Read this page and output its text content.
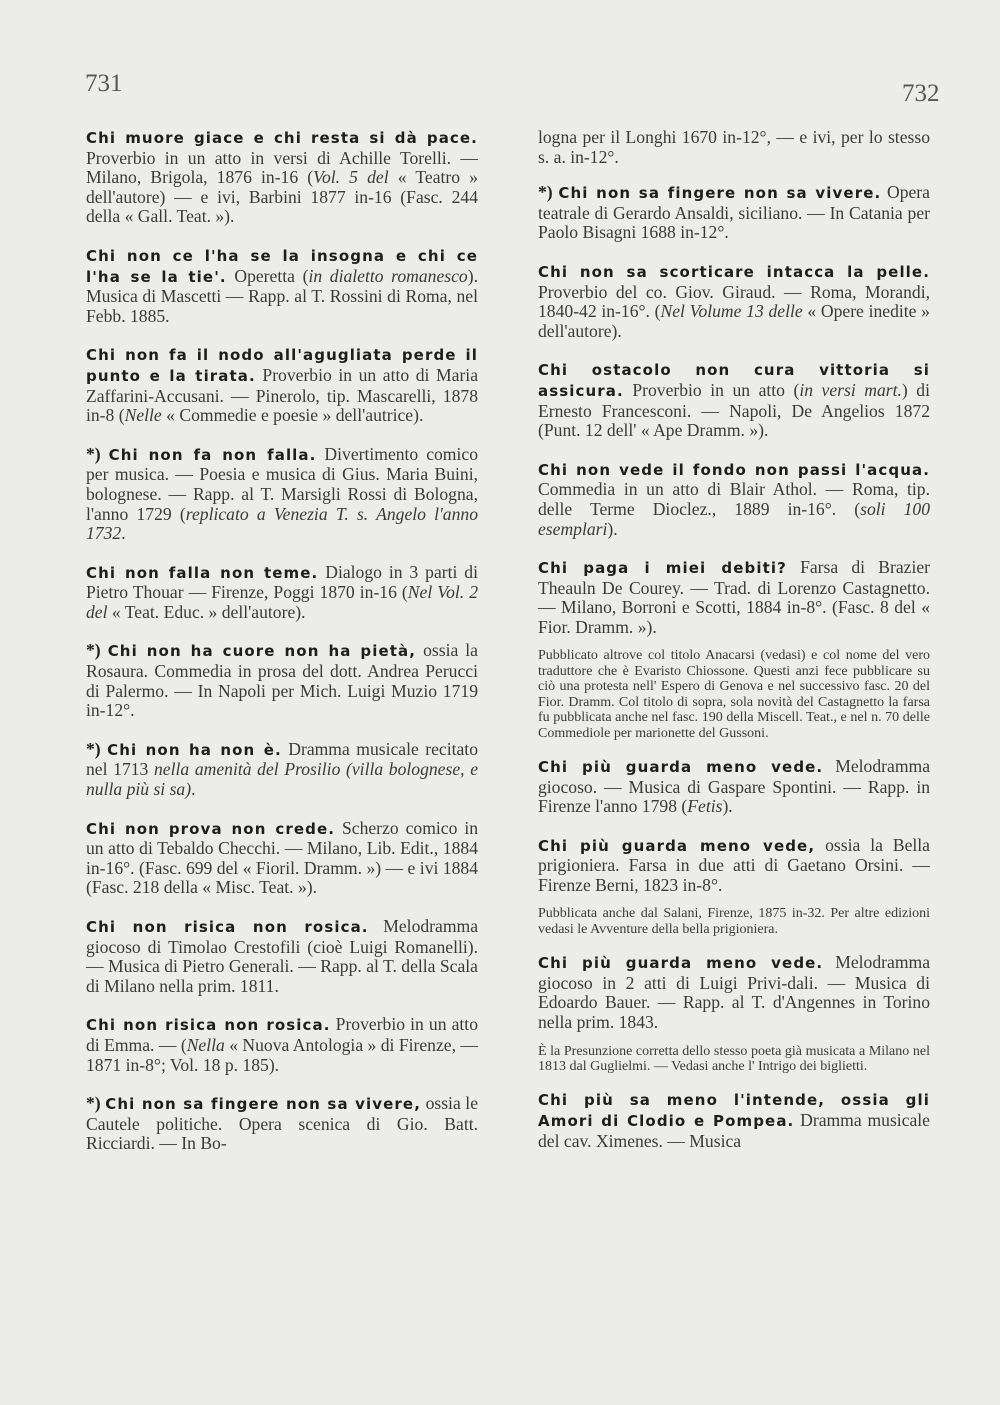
731	732
Chi muore giace e chi resta si dà pace. Proverbio in un atto in versi di Achille Torelli. — Milano, Brigola, 1876 in-16 (Vol. 5 del « Teatro » dell'autore) — e ivi, Barbini 1877 in-16 (Fasc. 244 della « Gall. Teat. »).
Chi non ce l'ha se la insogna e chi ce l'ha se la tie'. Operetta (in dialetto romanesco). Musica di Mascetti — Rapp. al T. Rossini di Roma, nel Febb. 1885.
Chi non fa il nodo all'agugliata perde il punto e la tirata. Proverbio in un atto di Maria Zaffarini-Accusani. — Pinerolo, tip. Mascarelli, 1878 in-8 (Nelle « Commedie e poesie » dell'autrice).
*) Chi non fa non falla. Divertimento comico per musica. — Poesia e musica di Gius. Maria Buini, bolognese. — Rapp. al T. Marsigli Rossi di Bologna, l'anno 1729 (replicato a Venezia T. s. Angelo l'anno 1732.
Chi non falla non teme. Dialogo in 3 parti di Pietro Thouar — Firenze, Poggi 1870 in-16 (Nel Vol. 2 del « Teat. Educ. » dell'autore).
*) Chi non ha cuore non ha pietà, ossia la Rosaura. Commedia in prosa del dott. Andrea Perucci di Palermo. — In Napoli per Mich. Luigi Muzio 1719 in-12°.
*) Chi non ha non è. Dramma musicale recitato nel 1713 nella amenità del Prosilio (villa bolognese, e nulla più si sa).
Chi non prova non crede. Scherzo comico in un atto di Tebaldo Checchi. — Milano, Lib. Edit., 1884 in-16°. (Fasc. 699 del « Fioril. Dramm. ») — e ivi 1884 (Fasc. 218 della « Misc. Teat. »).
Chi non risica non rosica. Melodramma giocoso di Timolao Crestofili (cioè Luigi Romanelli). — Musica di Pietro Generali. — Rapp. al T. della Scala di Milano nella prim. 1811.
Chi non risica non rosica. Proverbio in un atto di Emma. — (Nella « Nuova Antologia » di Firenze, — 1871 in-8°; Vol. 18 p. 185).
*) Chi non sa fingere non sa vivere, ossia le Cautele politiche. Opera scenica di Gio. Batt. Ricciardi. — In Bo-
logna per il Longhi 1670 in-12°, — e ivi, per lo stesso s. a. in-12°.
*) Chi non sa fingere non sa vivere. Opera teatrale di Gerardo Ansaldi, siciliano. — In Catania per Paolo Bisagni 1688 in-12°.
Chi non sa scorticare intacca la pelle. Proverbio del co. Giov. Giraud. — Roma, Morandi, 1840-42 in-16°. (Nel Volume 13 delle « Opere inedite » dell'autore).
Chi ostacolo non cura vittoria si assicura. Proverbio in un atto (in versi mart.) di Ernesto Francesconi. — Napoli, De Angelios 1872 (Punt. 12 dell' « Ape Dramm. »).
Chi non vede il fondo non passi l'acqua. Commedia in un atto di Blair Athol. — Roma, tip. delle Terme Dioclez., 1889 in-16°. (soli 100 esemplari).
Chi paga i miei debiti? Farsa di Brazier Theauln De Courey. — Trad. di Lorenzo Castagnetto. — Milano, Borroni e Scotti, 1884 in-8°. (Fasc. 8 del « Fior. Dramm. »).
Pubblicato altrove col titolo Anacarsi (vedasi) e col nome del vero traduttore che è Evaristo Chiossone. Questi anzi fece pubblicare su ciò una protesta nell' Espero di Genova e nel successivo fasc. 20 del Fior. Dramm. Col titolo di sopra, sola novità del Castagnetto la farsa fu pubblicata anche nel fasc. 190 della Miscell. Teat., e nel n. 70 delle Commediole per marionette del Gussoni.
Chi più guarda meno vede. Melodramma giocoso. — Musica di Gaspare Spontini. — Rapp. in Firenze l'anno 1798 (Fetis).
Chi più guarda meno vede, ossia la Bella prigioniera. Farsa in due atti di Gaetano Orsini. — Firenze Berni, 1823 in-8°.
Pubblicata anche dal Salani, Firenze, 1875 in-32. Per altre edizioni vedasi le Avventure della bella prigioniera.
Chi più guarda meno vede. Melodramma giocoso in 2 atti di Luigi Privi-dali. — Musica di Edoardo Bauer. — Rapp. al T. d'Angennes in Torino nella prim. 1843.
È la Presunzione corretta dello stesso poeta già musicata a Milano nel 1813 dal Guglielmi. — Vedasi anche l' Intrigo dei biglietti.
Chi più sa meno l'intende, ossia gli Amori di Clodio e Pompea. Dramma musicale del cav. Ximenes. — Musica
